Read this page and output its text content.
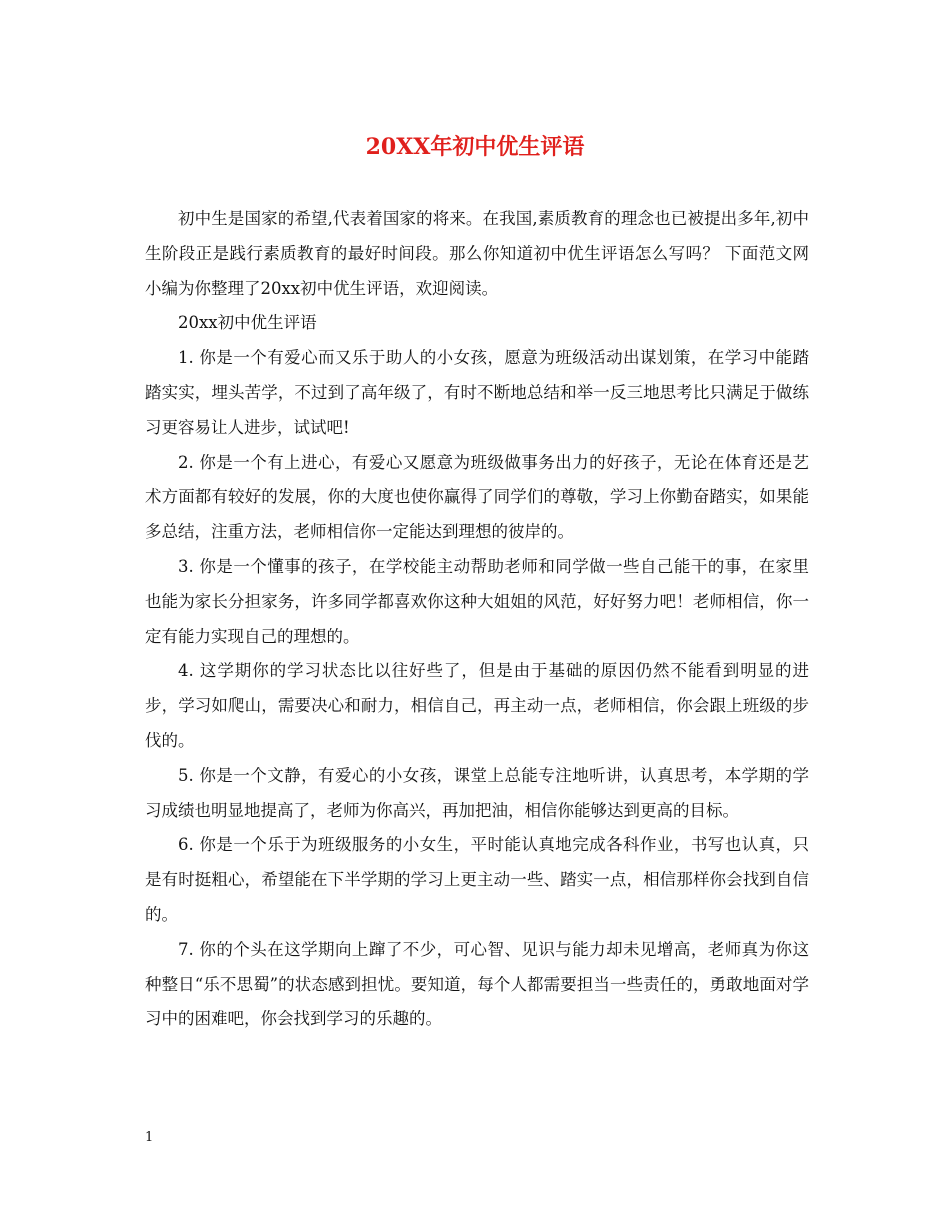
20XX年初中优生评语

初中生是国家的希望,代表着国家的将来。在我国,素质教育的理念也已被提出多年,初中生阶段正是践行素质教育的最好时间段。那么你知道初中优生评语怎么写吗？ 下面范文网小编为你整理了20xx初中优生评语，欢迎阅读。

20xx初中优生评语

1. 你是一个有爱心而又乐于助人的小女孩，愿意为班级活动出谋划策，在学习中能踏踏实实，埋头苦学，不过到了高年级了，有时不断地总结和举一反三地思考比只满足于做练习更容易让人进步，试试吧!

2. 你是一个有上进心，有爱心又愿意为班级做事务出力的好孩子，无论在体育还是艺术方面都有较好的发展，你的大度也使你赢得了同学们的尊敬，学习上你勤奋踏实，如果能多总结，注重方法，老师相信你一定能达到理想的彼岸的。

3. 你是一个懂事的孩子，在学校能主动帮助老师和同学做一些自己能干的事，在家里也能为家长分担家务，许多同学都喜欢你这种大姐姐的风范，好好努力吧！老师相信，你一定有能力实现自己的理想的。

4. 这学期你的学习状态比以往好些了，但是由于基础的原因仍然不能看到明显的进步，学习如爬山，需要决心和耐力，相信自己，再主动一点，老师相信，你会跟上班级的步伐的。

5. 你是一个文静，有爱心的小女孩，课堂上总能专注地听讲，认真思考，本学期的学习成绩也明显地提高了，老师为你高兴，再加把油，相信你能够达到更高的目标。

6. 你是一个乐于为班级服务的小女生，平时能认真地完成各科作业，书写也认真，只是有时挺粗心，希望能在下半学期的学习上更主动一些、踏实一点，相信那样你会找到自信的。

7. 你的个头在这学期向上蹿了不少，可心智、见识与能力却未见增高，老师真为你这种整日“乐不思蜀”的状态感到担忧。要知道，每个人都需要担当一些责任的，勇敢地面对学习中的困难吧，你会找到学习的乐趣的。

1
